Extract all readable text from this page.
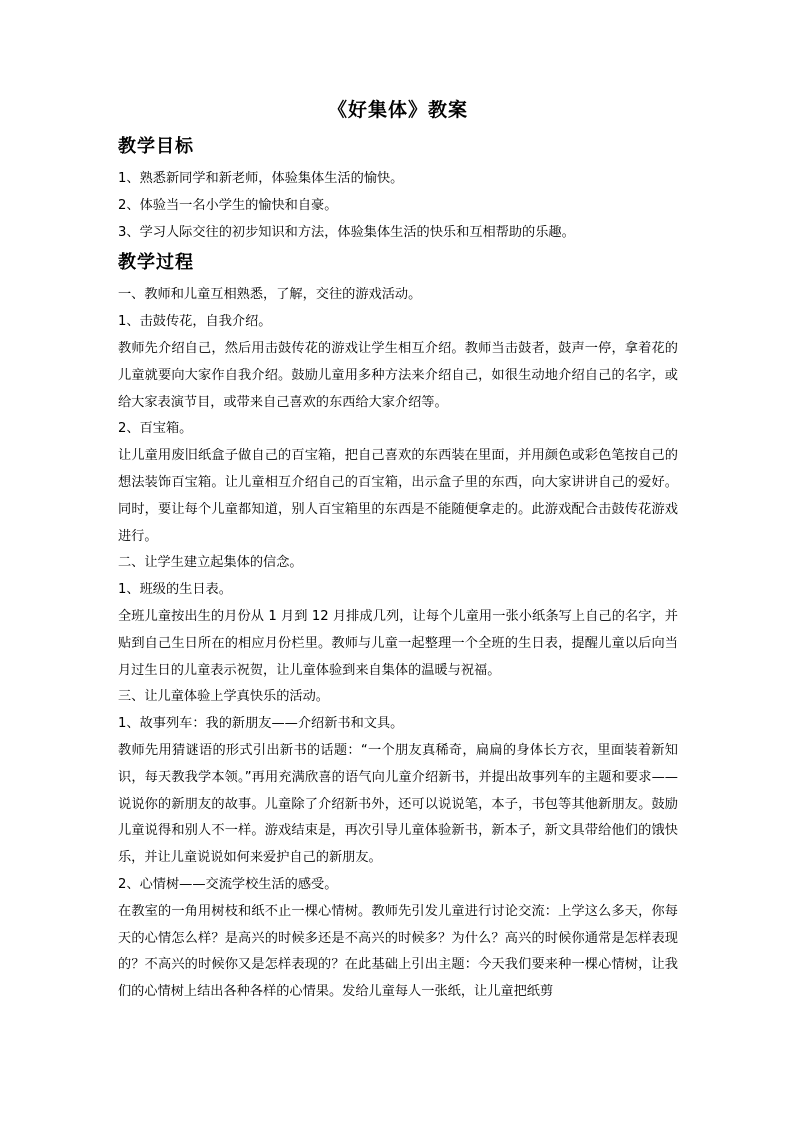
《好集体》教案
教学目标

1、熟悉新同学和新老师，体验集体生活的愉快。

2、体验当一名小学生的愉快和自豪。

3、学习人际交往的初步知识和方法，体验集体生活的快乐和互相帮助的乐趣。

教学过程

一、教师和儿童互相熟悉，了解，交往的游戏活动。

1、击鼓传花，自我介绍。

教师先介绍自己，然后用击鼓传花的游戏让学生相互介绍。教师当击鼓者，鼓声一停，拿着花的儿童就要向大家作自我介绍。鼓励儿童用多种方法来介绍自己，如很生动地介绍自己的名字，或给大家表演节目，或带来自己喜欢的东西给大家介绍等。

2、百宝箱。

让儿童用废旧纸盒子做自己的百宝箱，把自己喜欢的东西装在里面，并用颜色或彩色笔按自己的想法装饰百宝箱。让儿童相互介绍自己的百宝箱，出示盒子里的东西，向大家讲讲自己的爱好。同时，要让每个儿童都知道，别人百宝箱里的东西是不能随便拿走的。此游戏配合击鼓传花游戏进行。

二、让学生建立起集体的信念。

1、班级的生日表。

全班儿童按出生的月份从 1 月到 12 月排成几列，让每个儿童用一张小纸条写上自己的名字，并贴到自己生日所在的相应月份栏里。教师与儿童一起整理一个全班的生日表，提醒儿童以后向当月过生日的儿童表示祝贺，让儿童体验到来自集体的温暖与祝福。

三、让儿童体验上学真快乐的活动。

1、故事列车：我的新朋友——介绍新书和文具。

教师先用猜谜语的形式引出新书的话题：“一个朋友真稀奇，扁扁的身体长方衣，里面装着新知识，每天教我学本领。”再用充满欣喜的语气向儿童介绍新书，并提出故事列车的主题和要求——说说你的新朋友的故事。儿童除了介绍新书外，还可以说说笔，本子，书包等其他新朋友。鼓励儿童说得和别人不一样。游戏结束是，再次引导儿童体验新书，新本子，新文具带给他们的饿快乐，并让儿童说说如何来爱护自己的新朋友。

2、心情树——交流学校生活的感受。

在教室的一角用树枝和纸不止一棵心情树。教师先引发儿童进行讨论交流：上学这么多天，你每天的心情怎么样？是高兴的时候多还是不高兴的时候多？为什么？高兴的时候你通常是怎样表现的？不高兴的时候你又是怎样表现的？在此基础上引出主题：今天我们要来种一棵心情树，让我们的心情树上结出各种各样的心情果。发给儿童每人一张纸，让儿童把纸剪
